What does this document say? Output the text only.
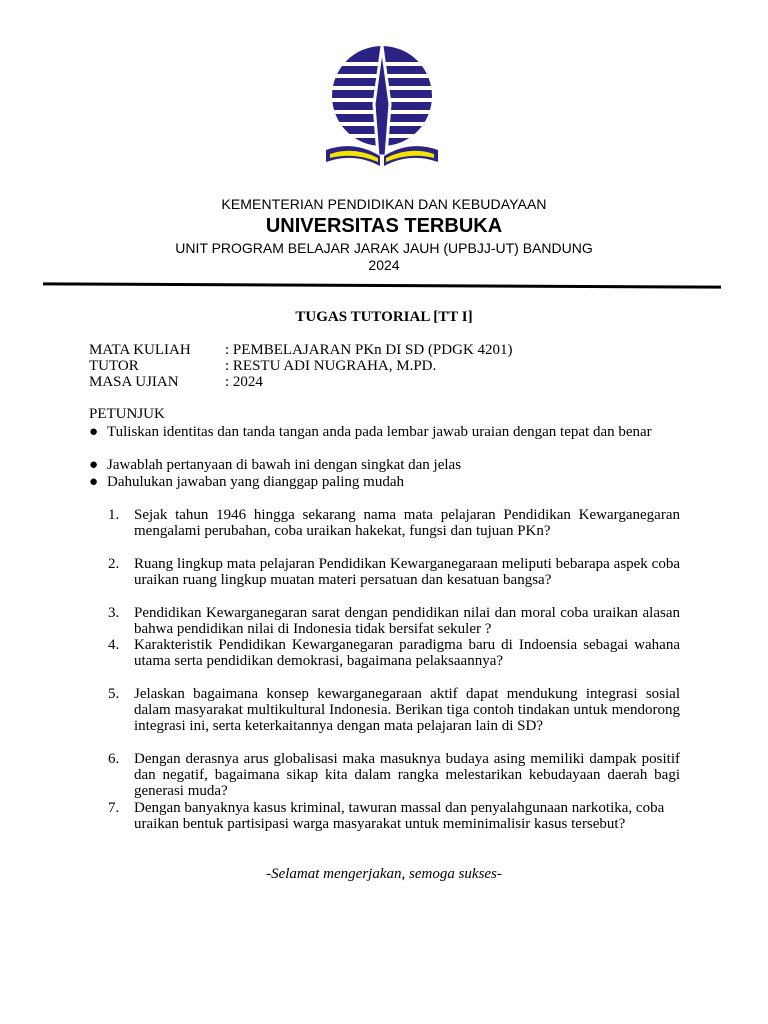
KEMENTERIAN PENDIDIKAN DAN KEBUDAYAAN
UNIVERSITAS TERBUKA
UNIT PROGRAM BELAJAR JARAK JAUH (UPBJJ-UT) BANDUNG
2024
TUGAS TUTORIAL [TT I]
MATA KULIAH : PEMBELAJARAN PKn DI SD (PDGK 4201)
TUTOR	: RESTU ADI NUGRAHA, M.PD.
MASA UJIAN	: 2024
PETUNJUK
● Tuliskan identitas dan tanda tangan anda pada lembar jawab uraian dengan tepat dan benar
● Jawablah pertanyaan di bawah ini dengan singkat dan jelas
● Dahulukan jawaban yang dianggap paling mudah
1. Sejak tahun 1946 hingga sekarang nama mata pelajaran Pendidikan Kewarganegaran mengalami perubahan, coba uraikan hakekat, fungsi dan tujuan PKn?
2. Ruang lingkup mata pelajaran Pendidikan Kewarganegaraan meliputi bebarapa aspek coba uraikan ruang lingkup muatan materi persatuan dan kesatuan bangsa?
3. Pendidikan Kewarganegaran sarat dengan pendidikan nilai dan moral coba uraikan alasan bahwa pendidikan nilai di Indonesia tidak bersifat sekuler ?
4. Karakteristik Pendidikan Kewarganegaran paradigma baru di Indoensia sebagai wahana utama serta pendidikan demokrasi, bagaimana pelaksaannya?
5. Jelaskan bagaimana konsep kewarganegaraan aktif dapat mendukung integrasi sosial dalam masyarakat multikultural Indonesia. Berikan tiga contoh tindakan untuk mendorong integrasi ini, serta keterkaitannya dengan mata pelajaran lain di SD?
6. Dengan derasnya arus globalisasi maka masuknya budaya asing memiliki dampak positif dan negatif, bagaimana sikap kita dalam rangka melestarikan kebudayaan daerah bagi generasi muda?
7. Dengan banyaknya kasus kriminal, tawuran massal dan penyalahgunaan narkotika, coba uraikan bentuk partisipasi warga masyarakat untuk meminimalisir kasus tersebut?
-Selamat mengerjakan, semoga sukses-
